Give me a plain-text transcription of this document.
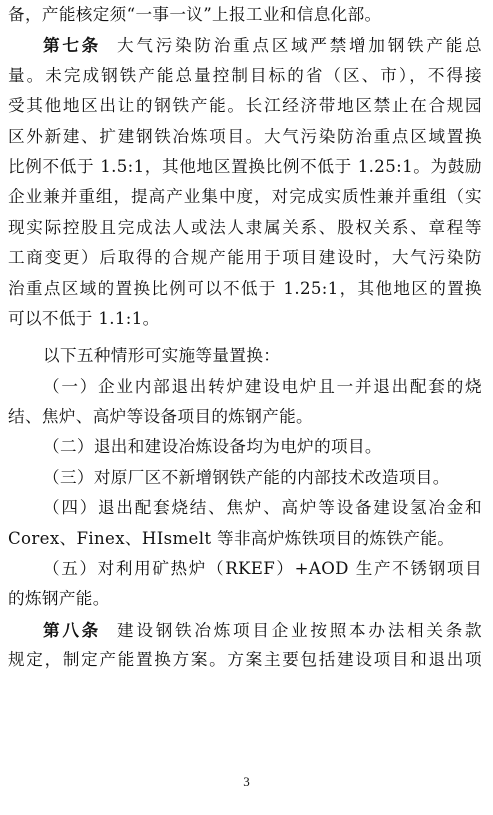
备，产能核定须“一事一议”上报工业和信息化部。
第七条 大气污染防治重点区域严禁增加钢铁产能总
量。未完成钢铁产能总量控制目标的省（区、市），不得接
受其他地区出让的钢铁产能。长江经济带地区禁止在合规园
区外新建、扩建钢铁冶炼项目。大气污染防治重点区域置换
比例不低于 1.5:1，其他地区置换比例不低于 1.25:1。为鼓励
企业兼并重组，提高产业集中度，对完成实质性兼并重组（实
现实际控股且完成法人或法人隶属关系、股权关系、章程等
工商变更）后取得的合规产能用于项目建设时，大气污染防
治重点区域的置换比例可以不低于 1.25:1，其他地区的置换
可以不低于 1.1:1。
以下五种情形可实施等量置换：
（一）企业内部退出转炉建设电炉且一并退出配套的烧
结、焦炉、高炉等设备项目的炼钢产能。
（二）退出和建设冶炼设备均为电炉的项目。
（三）对原厂区不新增钢铁产能的内部技术改造项目。
（四）退出配套烧结、焦炉、高炉等设备建设氢冶金和
Corex、Finex、HIsmelt 等非高炉炼铁项目的炼铁产能。
（五）对利用矿热炉（RKEF）+AOD 生产不锈钢项目
的炼钢产能。
第八条 建设钢铁冶炼项目企业按照本办法相关条款
规定，制定产能置换方案。方案主要包括建设项目和退出项
3
